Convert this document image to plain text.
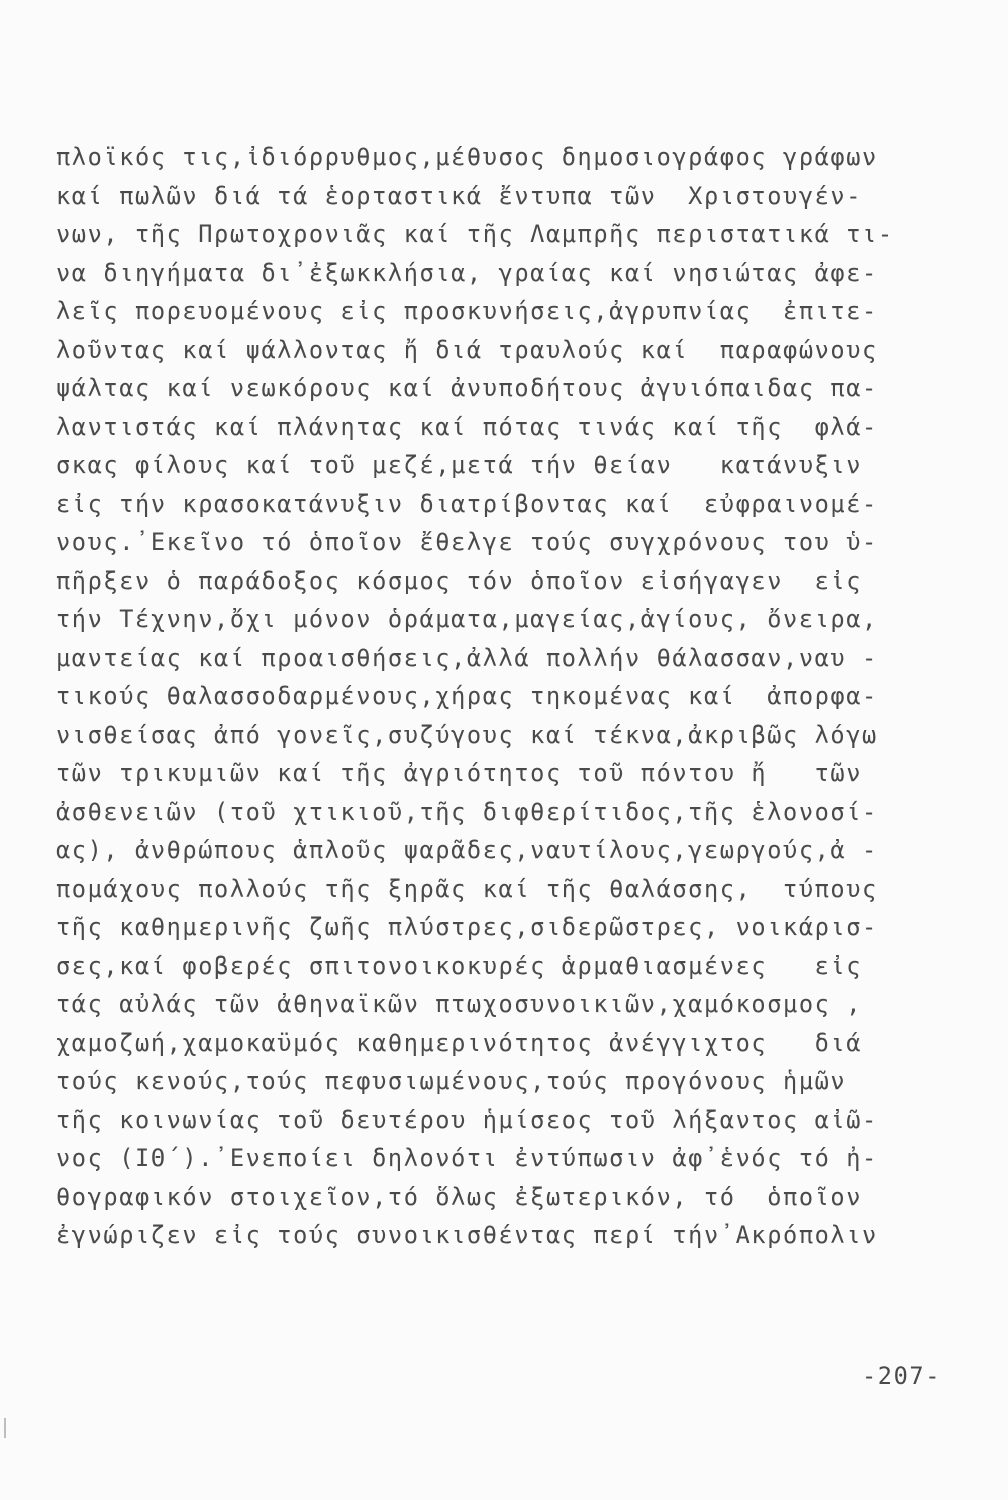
πλοϊκός τις,ἰδιόρρυθμος,μέθυσος δημοσιογράφος γράφων
καί πωλῶν διά τά ἑορταστικά ἔντυπα τῶν  Χριστουγέν-
νων, τῆς Πρωτοχρονιᾶς καί τῆς Λαμπρῆς περιστατικά τι-
να διηγήματα δι᾽ἐξωκκλήσια, γραίας καί νησιώτας ἀφε-
λεῖς πορευομένους εἰς προσκυνήσεις,ἀγρυπνίας  ἐπιτε-
λοῦντας καί ψάλλοντας ἤ διά τραυλούς καί  παραφώνους
ψάλτας καί νεωκόρους καί ἀνυποδήτους ἀγυιόπαιδας πα-
λαντιστάς καί πλάνητας καί πότας τινάς καί τῆς  φλά-
σκας φίλους καί τοῦ μεζέ,μετά τήν θείαν   κατάνυξιν
εἰς τήν κρασοκατάνυξιν διατρίβοντας καί  εὐφραινομέ-
νους.᾽Εκεῖνο τό ὁποῖον ἔθελγε τούς συγχρόνους του ὑ-
πῆρξεν ὁ παράδοξος κόσμος τόν ὁποῖον εἰσήγαγεν  εἰς
τήν Τέχνην,ὄχι μόνον ὁράματα,μαγείας,ἁγίους, ὄνειρα,
μαντείας καί προαισθήσεις,ἀλλά πολλήν θάλασσαν,ναυ -
τικούς θαλασσοδαρμένους,χήρας τηκομένας καί  ἀπορφα-
νισθείσας ἀπό γονεῖς,συζύγους καί τέκνα,ἀκριβῶς λόγω
τῶν τρικυμιῶν καί τῆς ἀγριότητος τοῦ πόντου ἤ   τῶν
ἀσθενειῶν (τοῦ χτικιοῦ,τῆς διφθερίτιδος,τῆς ἑλονοσί-
ας), ἀνθρώπους ἁπλοῦς ψαρᾶδες,ναυτίλους,γεωργούς,ἀ -
πομάχους πολλούς τῆς ξηρᾶς καί τῆς θαλάσσης,  τύπους
τῆς καθημερινῆς ζωῆς πλύστρες,σιδερῶστρες, νοικάρισ-
σες,καί φοβερές σπιτονοικοκυρές ἁρμαθιασμένες   εἰς
τάς αὐλάς τῶν ἀθηναϊκῶν πτωχοσυνοικιῶν,χαμόκοσμος ,
χαμοζωή,χαμοκαϋμός καθημερινότητος ἀνέγγιχτος   διά
τούς κενούς,τούς πεφυσιωμένους,τούς προγόνους ἡμῶν
τῆς κοινωνίας τοῦ δευτέρου ἡμίσεος τοῦ λήξαντος αἰῶ-
νος (ΙΘ´).᾽Ενεποίει δηλονότι ἐντύπωσιν ἀφ᾽ἑνός τό ἠ-
θογραφικόν στοιχεῖον,τό ὅλως ἐξωτερικόν, τό  ὁποῖον
ἐγνώριζεν εἰς τούς συνοικισθέντας περί τήν᾽Ακρόπολιν
-207-
